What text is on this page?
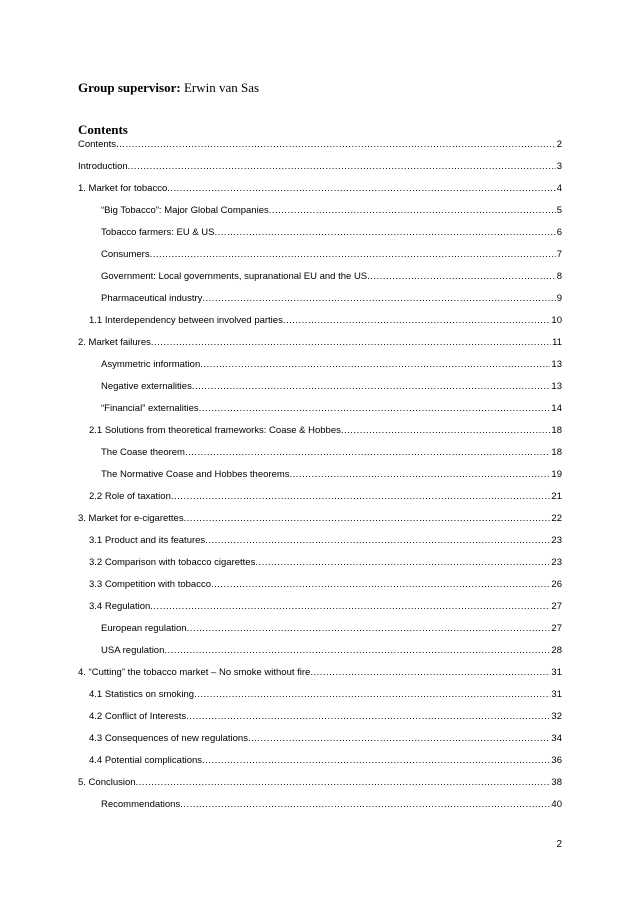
Group supervisor: Erwin van Sas
Contents
Contents .....	2
Introduction .....	3
1. Market for tobacco .....	4
“Big Tobacco”: Major Global Companies .....	5
Tobacco farmers: EU & US .....	6
Consumers .....	7
Government: Local governments, supranational EU and the US .....	8
Pharmaceutical industry .....	9
1.1 Interdependency between involved parties .....	10
2. Market failures .....	11
Asymmetric information .....	13
Negative externalities .....	13
“Financial” externalities .....	14
2.1 Solutions from theoretical frameworks: Coase & Hobbes .....	18
The Coase theorem .....	18
The Normative Coase and Hobbes theorems .....	19
2.2 Role of taxation .....	21
3. Market for e-cigarettes .....	22
3.1 Product and its features .....	23
3.2 Comparison with tobacco cigarettes .....	23
3.3 Competition with tobacco .....	26
3.4 Regulation .....	27
European regulation .....	27
USA regulation .....	28
4. “Cutting” the tobacco market – No smoke without fire .....	31
4.1 Statistics on smoking .....	31
4.2 Conflict of Interests .....	32
4.3 Consequences of new regulations .....	34
4.4 Potential complications .....	36
5. Conclusion .....	38
Recommendations .....	40
2
